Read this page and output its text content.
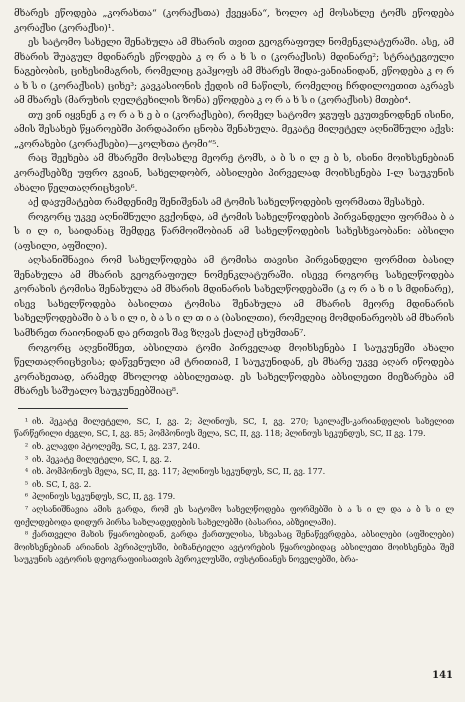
მხარეს ეწოდება „კორახთა“ (კორაქსთა) ქვეყანა“, ხოლო აქ მოსახლე ტომს ეწოდება კორაქსი (კორაქსი)¹.

ეს სატომო სახელი შენახულა ამ მხარის თვით გეოგრაფიულ ნომენკლატურაში. ასე, ამ მხარის შუაგულ მდინარეს ეწოდება კ ო რ ა ხ ს ი (კორაქსის) მდინარე²; სტრატეგიული ნაგებობის, ციხესიმაგრის, რომელიც გაჰყოფს ამ მხარეს შიდა-ვანიანიდან, ეწოდება კ ო რ ა ხ ს ი (კორაქსის) ციხე³; კავკასიონის ქედის იმ ნაწილს, რომელიც ჩრდილოეთით აკრავს ამ მხარეს (მარუხის ღელტეხილის ზონა) ეწოდება კ ო რ ა ხ ს ი (კორაქსის) მთები⁴.

თუ ვინ იყვნენ კ ო რ ა ხ ე ბ ი (კორაქსები), რომელ სატომო ჯგუფს ეკუთვნოდნენ ისინი, ამის შესახებ წყაროებში პირდაპირი ცნობა შენახულა. მეკატე მილეტელ აღნიშნული აქვს: „კორახები (კორაქსები)—კოლხთა ტომი“⁵.

რაც შეეხება ამ მხარეში მოსახლე მეორე ტომს, ა ბ ს ი ლ ე ბ ს, ისინი მოიხსენებიან კორაქსებზე უფრო გვიან, სახელდობრ, აბსილები პირველად მოიხსენება I-ლ საუკუნის ახალი წელთაღრიცხვის⁶.

აქ დავუმატებთ რამდენიმე შენიშვნას ამ ტომის სახელწოდების ფორმათა შესახებ.

როგორც უკვე აღნიშნული გვქონდა, ამ ტომის სახელწოდების პირვანდელი ფორმაა ბ ა ს ი ლ ი, საიდანაც შემდეგ წარმოიშობიან ამ სახელწოდების სახესხვაობანი: აბსილი (აფსილი, აფშილი).

აღსანიშნავია რომ სახელწოდება ამ ტომისა თავისი პირვანდელი ფორმით ბასილ შენახულა ამ მხარის გეოგრაფიულ ნომენკლატურაში. ისევე როგორც სახელწოდება კორახის ტომისა შენახულა ამ მხარის მდინარის სახელწოდებაში (კ ო რ ა ხ ი ს მდინარე), ისევ სახელწოდება ბასილთა ტომისა შენახულა ამ მხარის მეორე მდინარის სახელწოდებაში ბ ა ს ი ლ ი, ბ ა ს ი ლ თ ი ა (ბასილთი), რომელიც მომდინარეობს ამ მხარის სამხრეთ რაიონიდან და ერთვის შავ ზღვას ქალაქ ცხუმთან⁷.

როგორც აღვნიშნეთ, აბსილთა ტომი პირველად მოიხსენება I საუკუნეში ახალი წელთაღრიცხვისა; დაწვენული ამ ტრითიამ, I საუკუნიდან, ეს მხარე უკვე აღარ იწოდება კორახეთად, არამედ მხოლოდ აბსილეთად. ეს სახელწოდება აბსილეთი მიეზარება ამ მხარეს საშუალო საუკუნეებშიაც⁸.

¹ იხ. ჰეკატე მილეტელი, SC, I, გვ. 2; პლინიუს, SC, I, გვ. 270; სკილაქს-კარიანდელის სახელით წარწერილი ძეგლი, SC, I, გვ. 85; პომპონიუს მელა, SC, II, გვ. 118; პლინიუს სეკუნდუს, SC, II გვ. 179.

² იხ. კლავდი პტოლემე, SC, I, გვ. 237, 240.

³ იხ. ჰეკატე მილეტელი, SC, I, გვ. 2.

⁴ იხ. პომპონიუს მელა, SC, II, გვ. 117; პლინიუს სეკუნდუს, SC, II, გვ. 177.

⁵ იხ. SC, I, გვ. 2.

⁶ პლინიუს სეკუნდუს, SC, II, გვ. 179.

⁷ აღსანიშნავია ამის გარდა, რომ ეს სატომო სახელწოდება ფორმებში ბ ა ს ი ლ და ა ბ ს ი ლ ფიქლდებოდა დიდურ პირსა სახლადედების სახელებში (ბასარია, აბზეილაში).

⁸ ქართველი მახის წყაროებიდან, გარდა ქართულისა, სხვასაც შენაწევრდება, აბსილები (აფშილები) მოიხსენებიან არიანის პერიპლუსში, ბიზანტიელი ავტორების წყაროებიდაც აბსილეთი მოიხსენება შემ საუკუნის ავტორის დეოგრაფიისათვის პეროკლუსში, იუსტინიანეს ნოველებში, ბრა-

141
